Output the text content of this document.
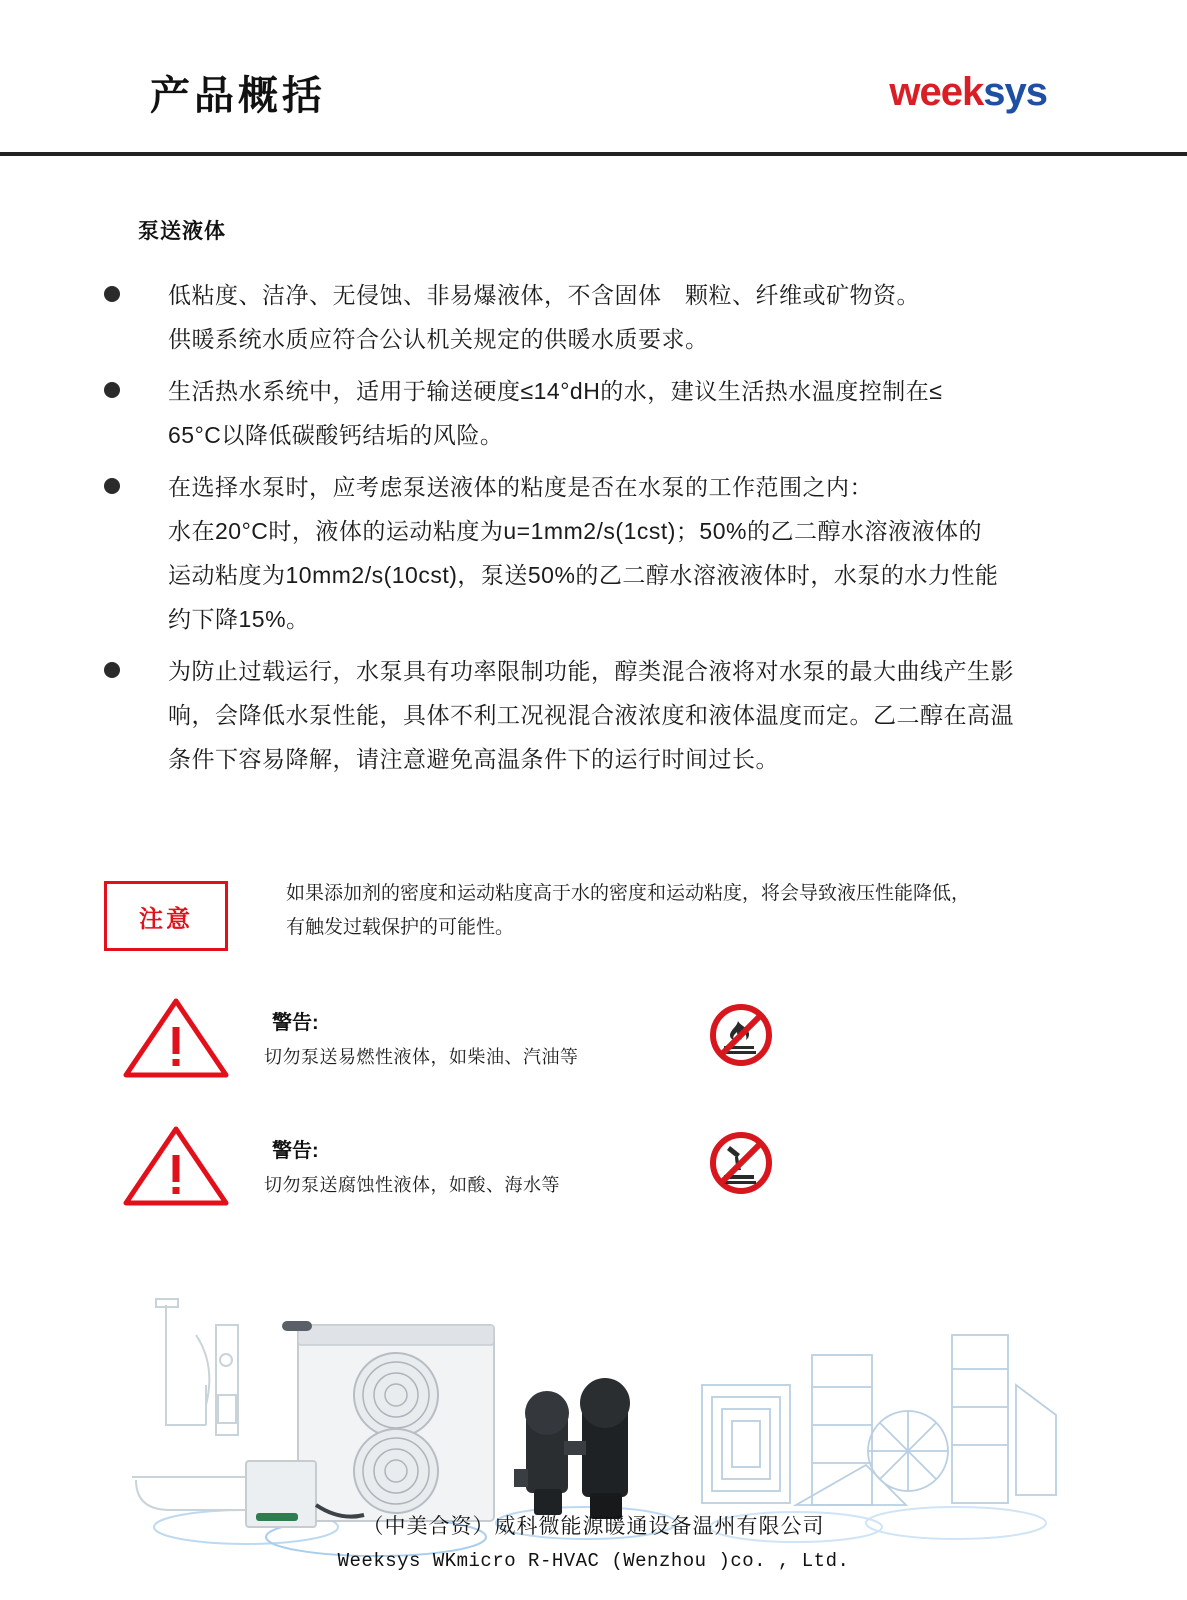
产品概括	weeksys
泵送液体
低粘度、洁净、无侵蚀、非易爆液体，不含固体　颗粒、纤维或矿物资。
供暖系统水质应符合公认机关规定的供暖水质要求。
生活热水系统中，适用于输送硬度≤14°dH的水，建议生活热水温度控制在≤
65°C以降低碳酸钙结垢的风险。
在选择水泵时，应考虑泵送液体的粘度是否在水泵的工作范围之内：
水在20°C时，液体的运动粘度为u=1mm2/s(1cst)；50%的乙二醇水溶液液体的
运动粘度为10mm2/s(10cst)，泵送50%的乙二醇水溶液液体时，水泵的水力性能
约下降15%。
为防止过载运行，水泵具有功率限制功能，醇类混合液将对水泵的最大曲线产生影
响，会降低水泵性能，具体不利工况视混合液浓度和液体温度而定。乙二醇在高温
条件下容易降解，请注意避免高温条件下的运行时间过长。
注意
如果添加剂的密度和运动粘度高于水的密度和运动粘度，将会导致液压性能降低，
有触发过载保护的可能性。
警告:
切勿泵送易燃性液体，如柴油、汽油等
警告:
切勿泵送腐蚀性液体，如酸、海水等
（中美合资）威科微能源暖通设备温州有限公司
Weeksys WKmicro R-HVAC (Wenzhou )co. , Ltd.
